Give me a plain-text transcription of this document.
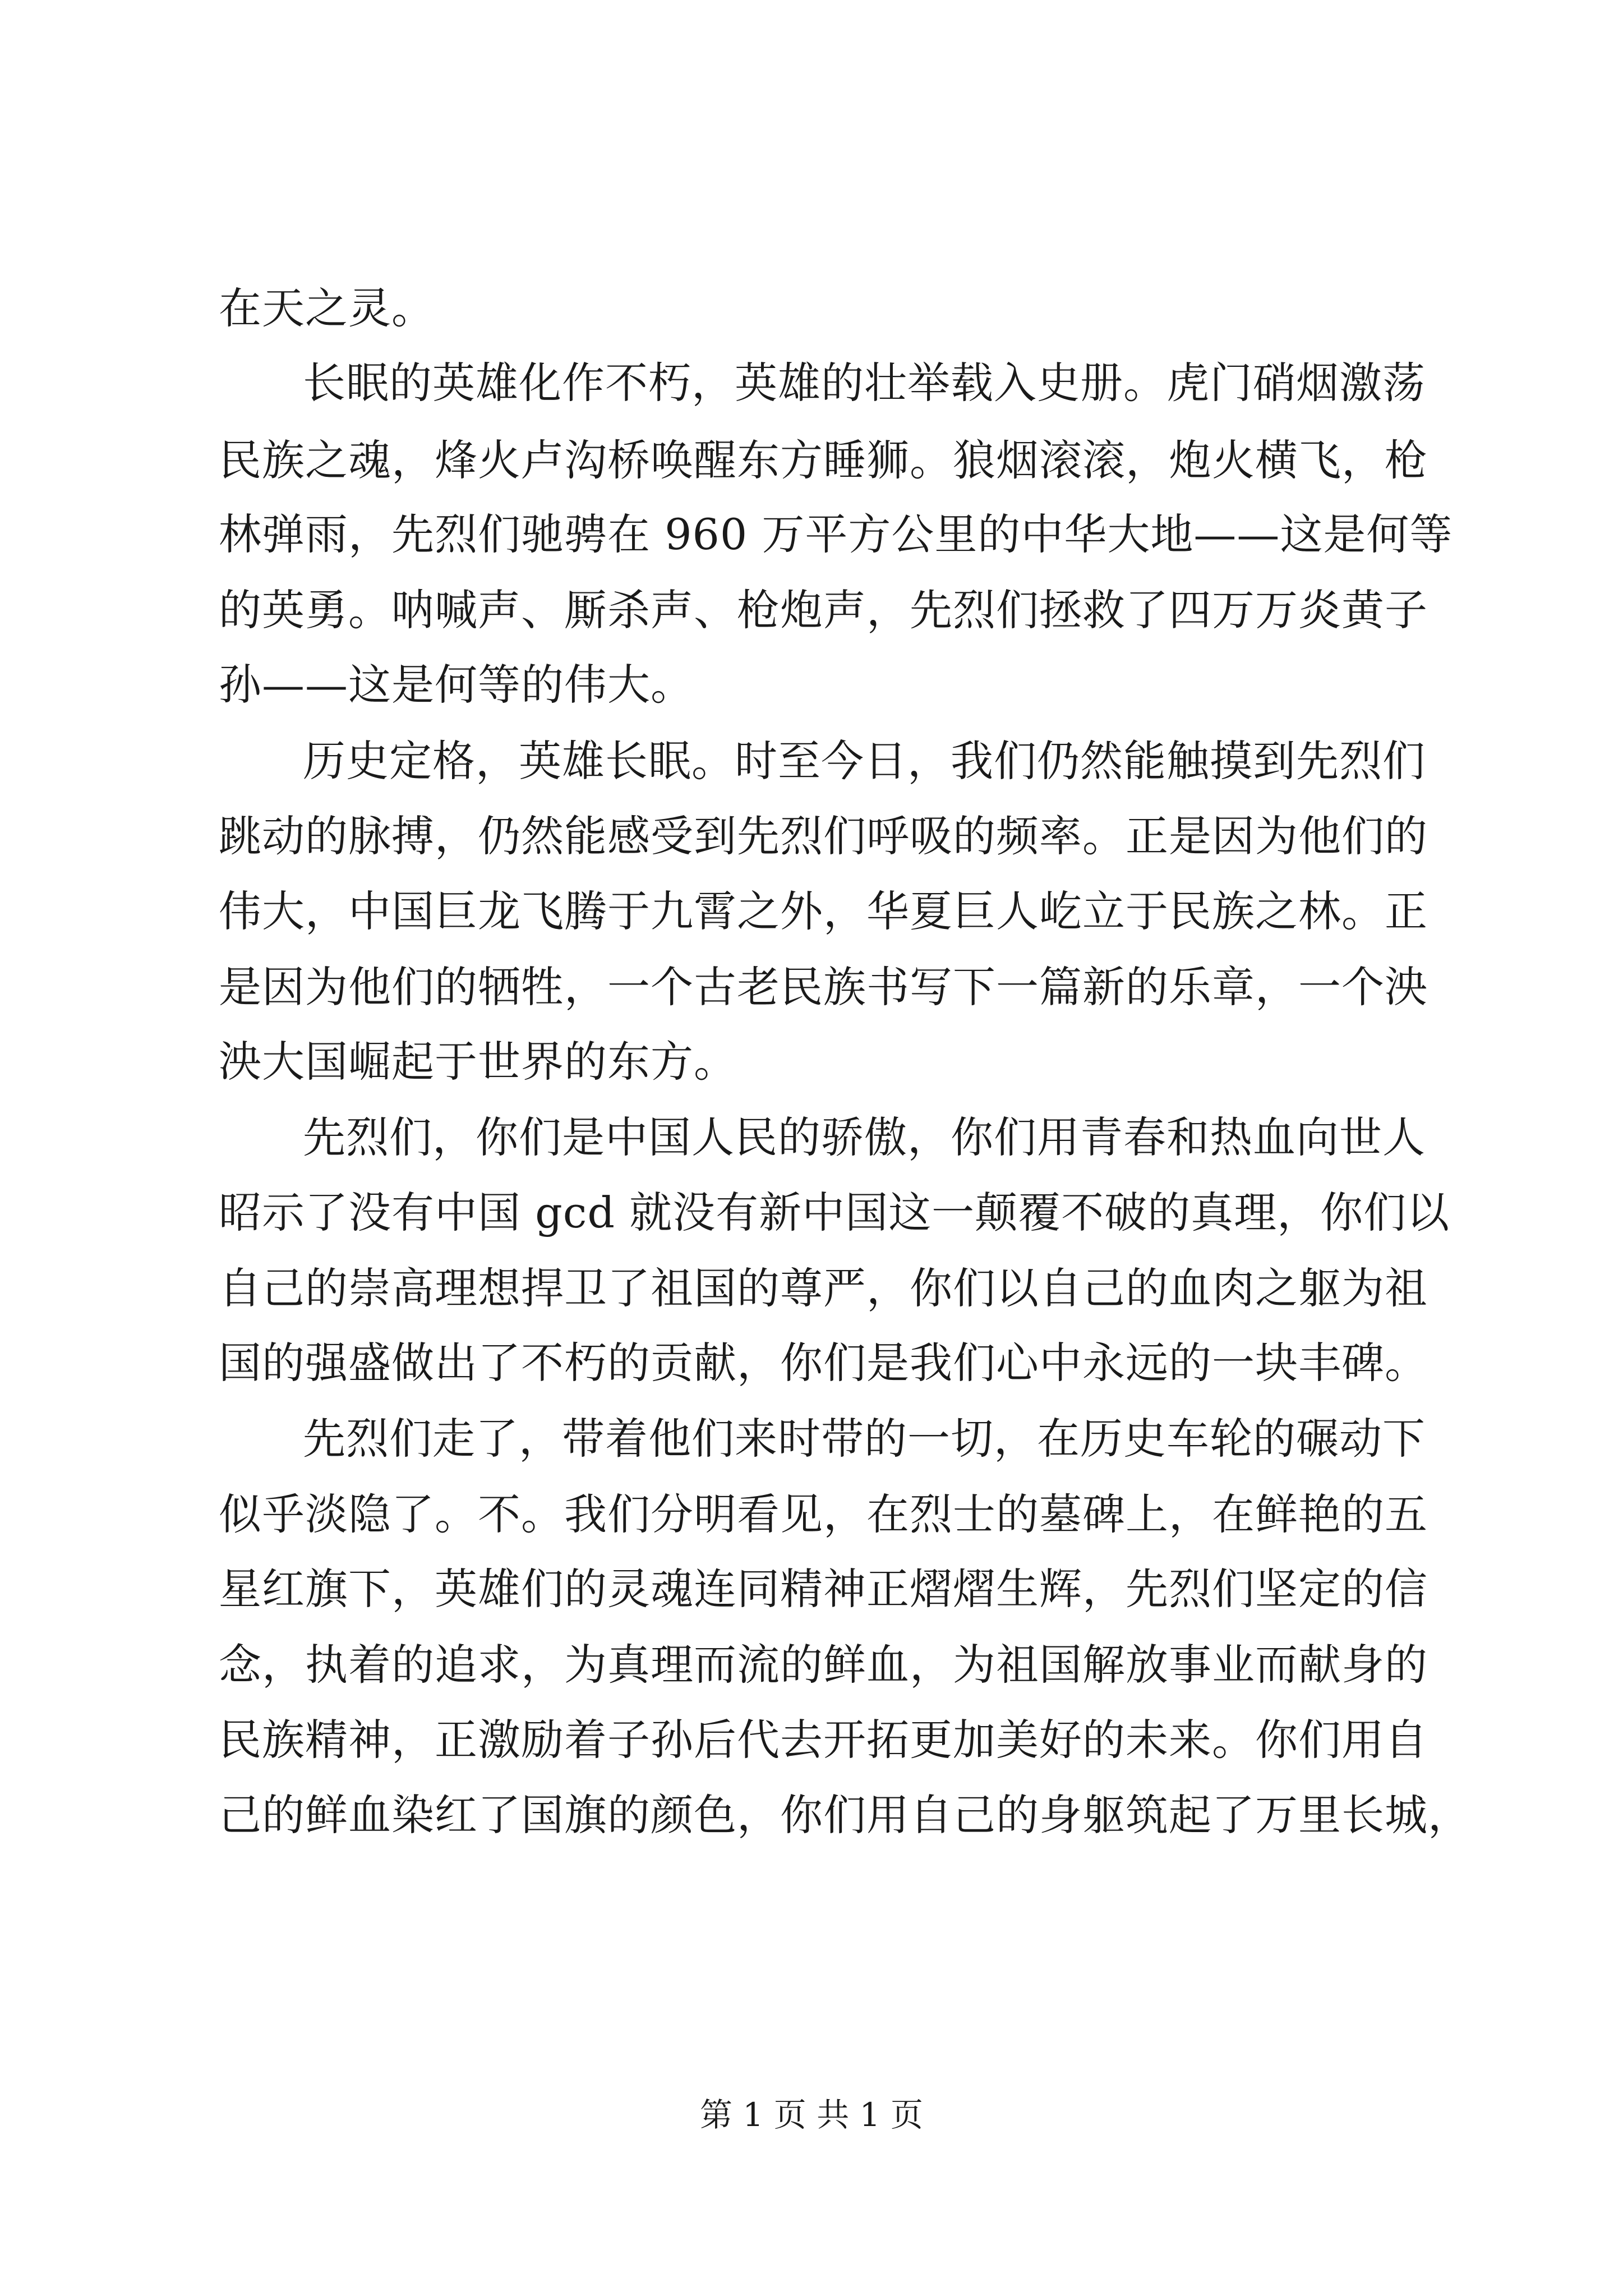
在天之灵。
长眠的英雄化作不朽，英雄的壮举载入史册。虎门硝烟激荡
民族之魂，烽火卢沟桥唤醒东方睡狮。狼烟滚滚，炮火横飞，枪
林弹雨，先烈们驰骋在 960 万平方公里的中华大地——这是何等
的英勇。呐喊声、厮杀声、枪炮声，先烈们拯救了四万万炎黄子
孙——这是何等的伟大。
历史定格，英雄长眠。时至今日，我们仍然能触摸到先烈们
跳动的脉搏，仍然能感受到先烈们呼吸的频率。正是因为他们的
伟大，中国巨龙飞腾于九霄之外，华夏巨人屹立于民族之林。正
是因为他们的牺牲，一个古老民族书写下一篇新的乐章，一个泱
泱大国崛起于世界的东方。
先烈们，你们是中国人民的骄傲，你们用青春和热血向世人
昭示了没有中国 gcd 就没有新中国这一颠覆不破的真理，你们以
自己的崇高理想捍卫了祖国的尊严，你们以自己的血肉之躯为祖
国的强盛做出了不朽的贡献，你们是我们心中永远的一块丰碑。
先烈们走了，带着他们来时带的一切，在历史车轮的碾动下
似乎淡隐了。不。我们分明看见，在烈士的墓碑上，在鲜艳的五
星红旗下，英雄们的灵魂连同精神正熠熠生辉，先烈们坚定的信
念，执着的追求，为真理而流的鲜血，为祖国解放事业而献身的
民族精神，正激励着子孙后代去开拓更加美好的未来。你们用自
己的鲜血染红了国旗的颜色，你们用自己的身躯筑起了万里长城，
第 1 页 共 1 页
